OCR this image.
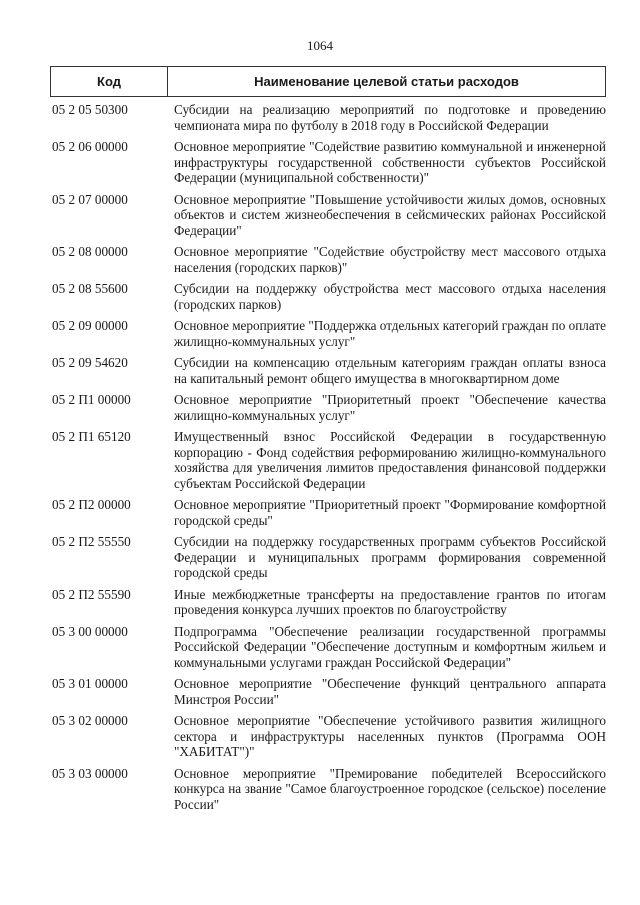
1064
Код	Наименование целевой статьи расходов
05 2 05 50300	Субсидии на реализацию мероприятий по подготовке и проведению чемпионата мира по футболу в 2018 году в Российской Федерации
05 2 06 00000	Основное мероприятие "Содействие развитию коммунальной и инженерной инфраструктуры государственной собственности субъектов Российской Федерации (муниципальной собственности)"
05 2 07 00000	Основное мероприятие "Повышение устойчивости жилых домов, основных объектов и систем жизнеобеспечения в сейсмических районах Российской Федерации"
05 2 08 00000	Основное мероприятие "Содействие обустройству мест массового отдыха населения (городских парков)"
05 2 08 55600	Субсидии на поддержку обустройства мест массового отдыха населения (городских парков)
05 2 09 00000	Основное мероприятие "Поддержка отдельных категорий граждан по оплате жилищно-коммунальных услуг"
05 2 09 54620	Субсидии на компенсацию отдельным категориям граждан оплаты взноса на капитальный ремонт общего имущества в многоквартирном доме
05 2 П1 00000	Основное мероприятие "Приоритетный проект "Обеспечение качества жилищно-коммунальных услуг"
05 2 П1 65120	Имущественный взнос Российской Федерации в государственную корпорацию - Фонд содействия реформированию жилищно-коммунального хозяйства для увеличения лимитов предоставления финансовой поддержки субъектам Российской Федерации
05 2 П2 00000	Основное мероприятие "Приоритетный проект "Формирование комфортной городской среды"
05 2 П2 55550	Субсидии на поддержку государственных программ субъектов Российской Федерации и муниципальных программ формирования современной городской среды
05 2 П2 55590	Иные межбюджетные трансферты на предоставление грантов по итогам проведения конкурса лучших проектов по благоустройству
05 3 00 00000	Подпрограмма "Обеспечение реализации государственной программы Российской Федерации "Обеспечение доступным и комфортным жильем и коммунальными услугами граждан Российской Федерации"
05 3 01 00000	Основное мероприятие "Обеспечение функций центрального аппарата Минстроя России"
05 3 02 00000	Основное мероприятие "Обеспечение устойчивого развития жилищного сектора и инфраструктуры населенных пунктов (Программа ООН "ХАБИТАТ")"
05 3 03 00000	Основное мероприятие "Премирование победителей Всероссийского конкурса на звание "Самое благоустроенное городское (сельское) поселение России"
